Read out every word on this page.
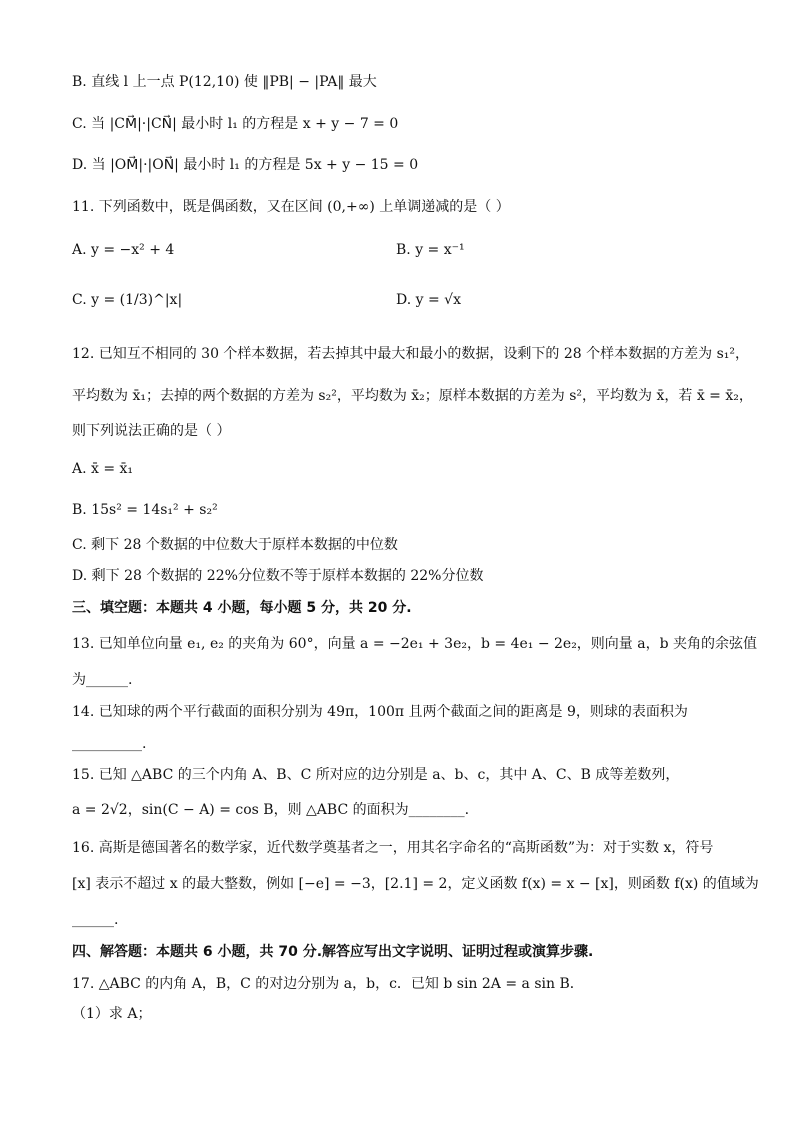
B. 直线 l 上一点 P(12,10) 使 ‖PB| − |PA‖ 最大
C. 当 |CM⃗|·|CN⃗| 最小时 l₁ 的方程是 x + y − 7 = 0
D. 当 |OM⃗|·|ON⃗| 最小时 l₁ 的方程是 5x + y − 15 = 0
11. 下列函数中，既是偶函数，又在区间 (0,+∞) 上单调递减的是（ ）
A. y = −x² + 4	B. y = x⁻¹
C. y = (1/3)^|x|	D. y = √x
12. 已知互不相同的 30 个样本数据，若去掉其中最大和最小的数据，设剩下的 28 个样本数据的方差为 s₁²，
平均数为 x̄₁；去掉的两个数据的方差为 s₂²，平均数为 x̄₂；原样本数据的方差为 s²，平均数为 x̄，若 x̄ = x̄₂，
则下列说法正确的是（ ）
A. x̄ = x̄₁
B. 15s² = 14s₁² + s₂²
C. 剩下 28 个数据的中位数大于原样本数据的中位数
D. 剩下 28 个数据的 22%分位数不等于原样本数据的 22%分位数
三、填空题：本题共 4 小题，每小题 5 分，共 20 分.
13. 已知单位向量 e₁, e₂ 的夹角为 60°，向量 a = −2e₁ + 3e₂，b = 4e₁ − 2e₂，则向量 a，b 夹角的余弦值
为______.
14. 已知球的两个平行截面的面积分别为 49π，100π 且两个截面之间的距离是 9，则球的表面积为
__________.
15. 已知 △ABC 的三个内角 A、B、C 所对应的边分别是 a、b、c，其中 A、C、B 成等差数列，
a = 2√2，sin(C − A) = cos B，则 △ABC 的面积为________.
16. 高斯是德国著名的数学家，近代数学奠基者之一，用其名字命名的“高斯函数”为：对于实数 x，符号
[x] 表示不超过 x 的最大整数，例如 [−e] = −3，[2.1] = 2，定义函数 f(x) = x − [x]，则函数 f(x) 的值域为
______.
四、解答题：本题共 6 小题，共 70 分.解答应写出文字说明、证明过程或演算步骤.
17. △ABC 的内角 A，B，C 的对边分别为 a，b，c．已知 b sin 2A = a sin B．
（1）求 A；
